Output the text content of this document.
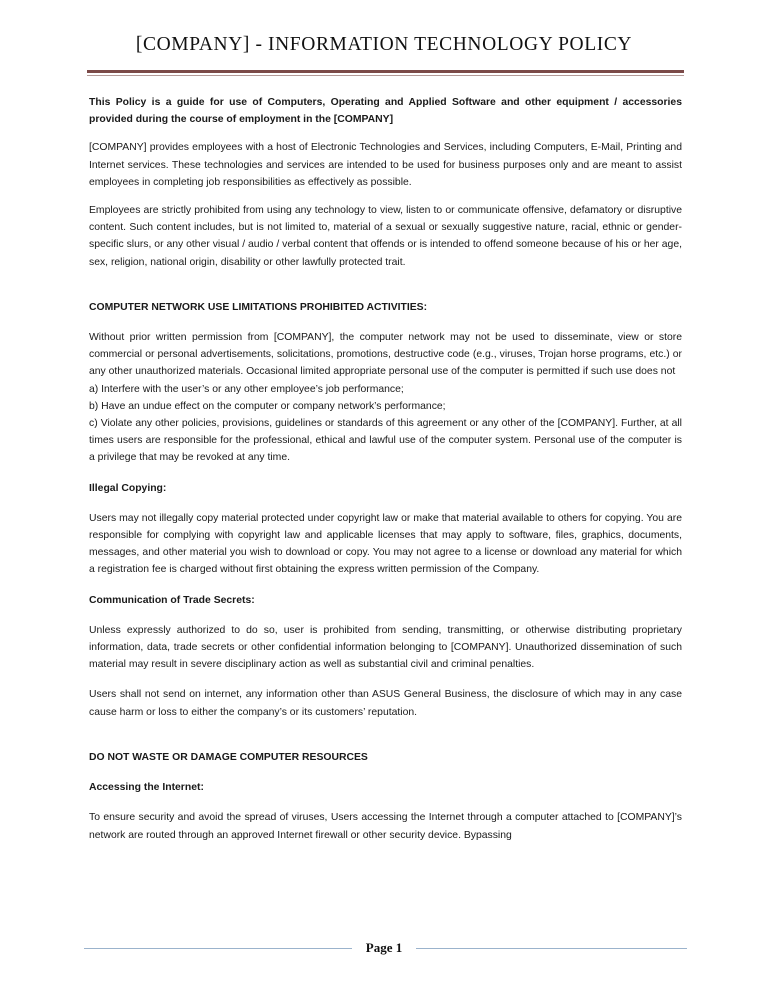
[COMPANY] - INFORMATION TECHNOLOGY POLICY

This Policy is a guide for use of Computers, Operating and Applied Software and other equipment / accessories provided during the course of employment in the [COMPANY]

[COMPANY] provides employees with a host of Electronic Technologies and Services, including Computers, E-Mail, Printing and Internet services. These technologies and services are intended to be used for business purposes only and are meant to assist employees in completing job responsibilities as effectively as possible.

Employees are strictly prohibited from using any technology to view, listen to or communicate offensive, defamatory or disruptive content. Such content includes, but is not limited to, material of a sexual or sexually suggestive nature, racial, ethnic or gender-specific slurs, or any other visual / audio / verbal content that offends or is intended to offend someone because of his or her age, sex, religion, national origin, disability or other lawfully protected trait.

COMPUTER NETWORK USE LIMITATIONS PROHIBITED ACTIVITIES:

Without prior written permission from [COMPANY], the computer network may not be used to disseminate, view or store commercial or personal advertisements, solicitations, promotions, destructive code (e.g., viruses, Trojan horse programs, etc.) or any other unauthorized materials. Occasional limited appropriate personal use of the computer is permitted if such use does not

a) Interfere with the user’s or any other employee’s job performance;

b) Have an undue effect on the computer or company network’s performance;

c) Violate any other policies, provisions, guidelines or standards of this agreement or any other of the [COMPANY]. Further, at all times users are responsible for the professional, ethical and lawful use of the computer system. Personal use of the computer is a privilege that may be revoked at any time.

Illegal Copying:

Users may not illegally copy material protected under copyright law or make that material available to others for copying. You are responsible for complying with copyright law and applicable licenses that may apply to software, files, graphics, documents, messages, and other material you wish to download or copy. You may not agree to a license or download any material for which a registration fee is charged without first obtaining the express written permission of the Company.

Communication of Trade Secrets:

Unless expressly authorized to do so, user is prohibited from sending, transmitting, or otherwise distributing proprietary information, data, trade secrets or other confidential information belonging to [COMPANY]. Unauthorized dissemination of such material may result in severe disciplinary action as well as substantial civil and criminal penalties.

Users shall not send on internet, any information other than ASUS General Business, the disclosure of which may in any case cause harm or loss to either the company’s or its customers’ reputation.

DO NOT WASTE OR DAMAGE COMPUTER RESOURCES

Accessing the Internet:

To ensure security and avoid the spread of viruses, Users accessing the Internet through a computer attached to [COMPANY]’s network are routed through an approved Internet firewall or other security device. Bypassing

Page 1
